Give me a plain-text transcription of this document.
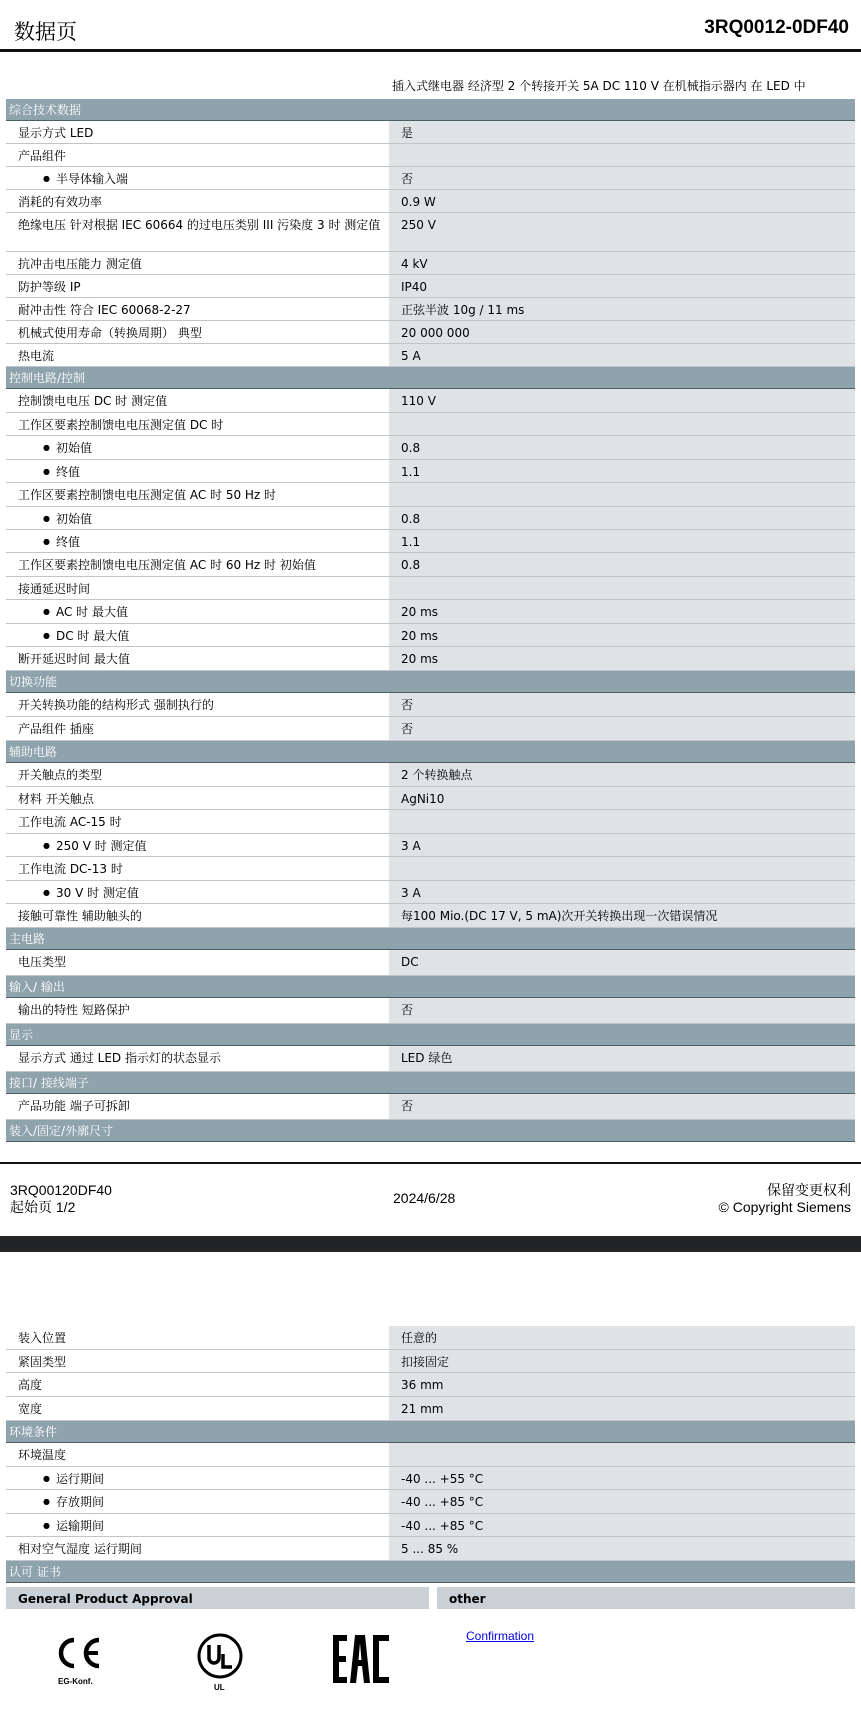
数据页	3RQ0012-0DF40
插入式继电器 经济型 2 个转接开关 5A DC 110 V 在机械指示器内 在 LED 中
综合技术数据
显示方式 LED	是
产品组件
● 半导体输入端	否
消耗的有效功率	0.9 W
绝缘电压 针对根据 IEC 60664 的过电压类别 III 污染度 3 时 测定值	250 V
抗冲击电压能力 测定值	4 kV
防护等级 IP	IP40
耐冲击性 符合 IEC 60068-2-27	正弦半波 10g / 11 ms
机械式使用寿命（转换周期） 典型	20 000 000
热电流	5 A
控制电路/控制
控制馈电电压 DC 时 测定值	110 V
工作区要素控制馈电电压测定值 DC 时
● 初始值	0.8
● 终值	1.1
工作区要素控制馈电电压测定值 AC 时 50 Hz 时
● 初始值	0.8
● 终值	1.1
工作区要素控制馈电电压测定值 AC 时 60 Hz 时 初始值	0.8
接通延迟时间
● AC 时 最大值	20 ms
● DC 时 最大值	20 ms
断开延迟时间 最大值	20 ms
切换功能
开关转换功能的结构形式 强制执行的	否
产品组件 插座	否
辅助电路
开关触点的类型	2 个转换触点
材料 开关触点	AgNi10
工作电流 AC-15 时
● 250 V 时 测定值	3 A
工作电流 DC-13 时
● 30 V 时 测定值	3 A
接触可靠性 辅助触头的	每100 Mio.(DC 17 V, 5 mA)次开关转换出现一次错误情况
主电路
电压类型	DC
输入/ 输出
输出的特性 短路保护	否
显示
显示方式 通过 LED 指示灯的状态显示	LED 绿色
接口/ 接线端子
产品功能 端子可拆卸	否
装入/固定/外廓尺寸
3RQ00120DF40
起始页 1/2
2024/6/28	保留变更权利
© Copyright Siemens
装入位置	任意的
紧固类型	扣接固定
高度	36 mm
宽度	21 mm
环境条件
环境温度
● 运行期间	-40 ... +55 °C
● 存放期间	-40 ... +85 °C
● 运输期间	-40 ... +85 °C
相对空气湿度 运行期间	5 ... 85 %
认可 证书
General Product Approval	other
EG-Konf.
UL
Confirmation
